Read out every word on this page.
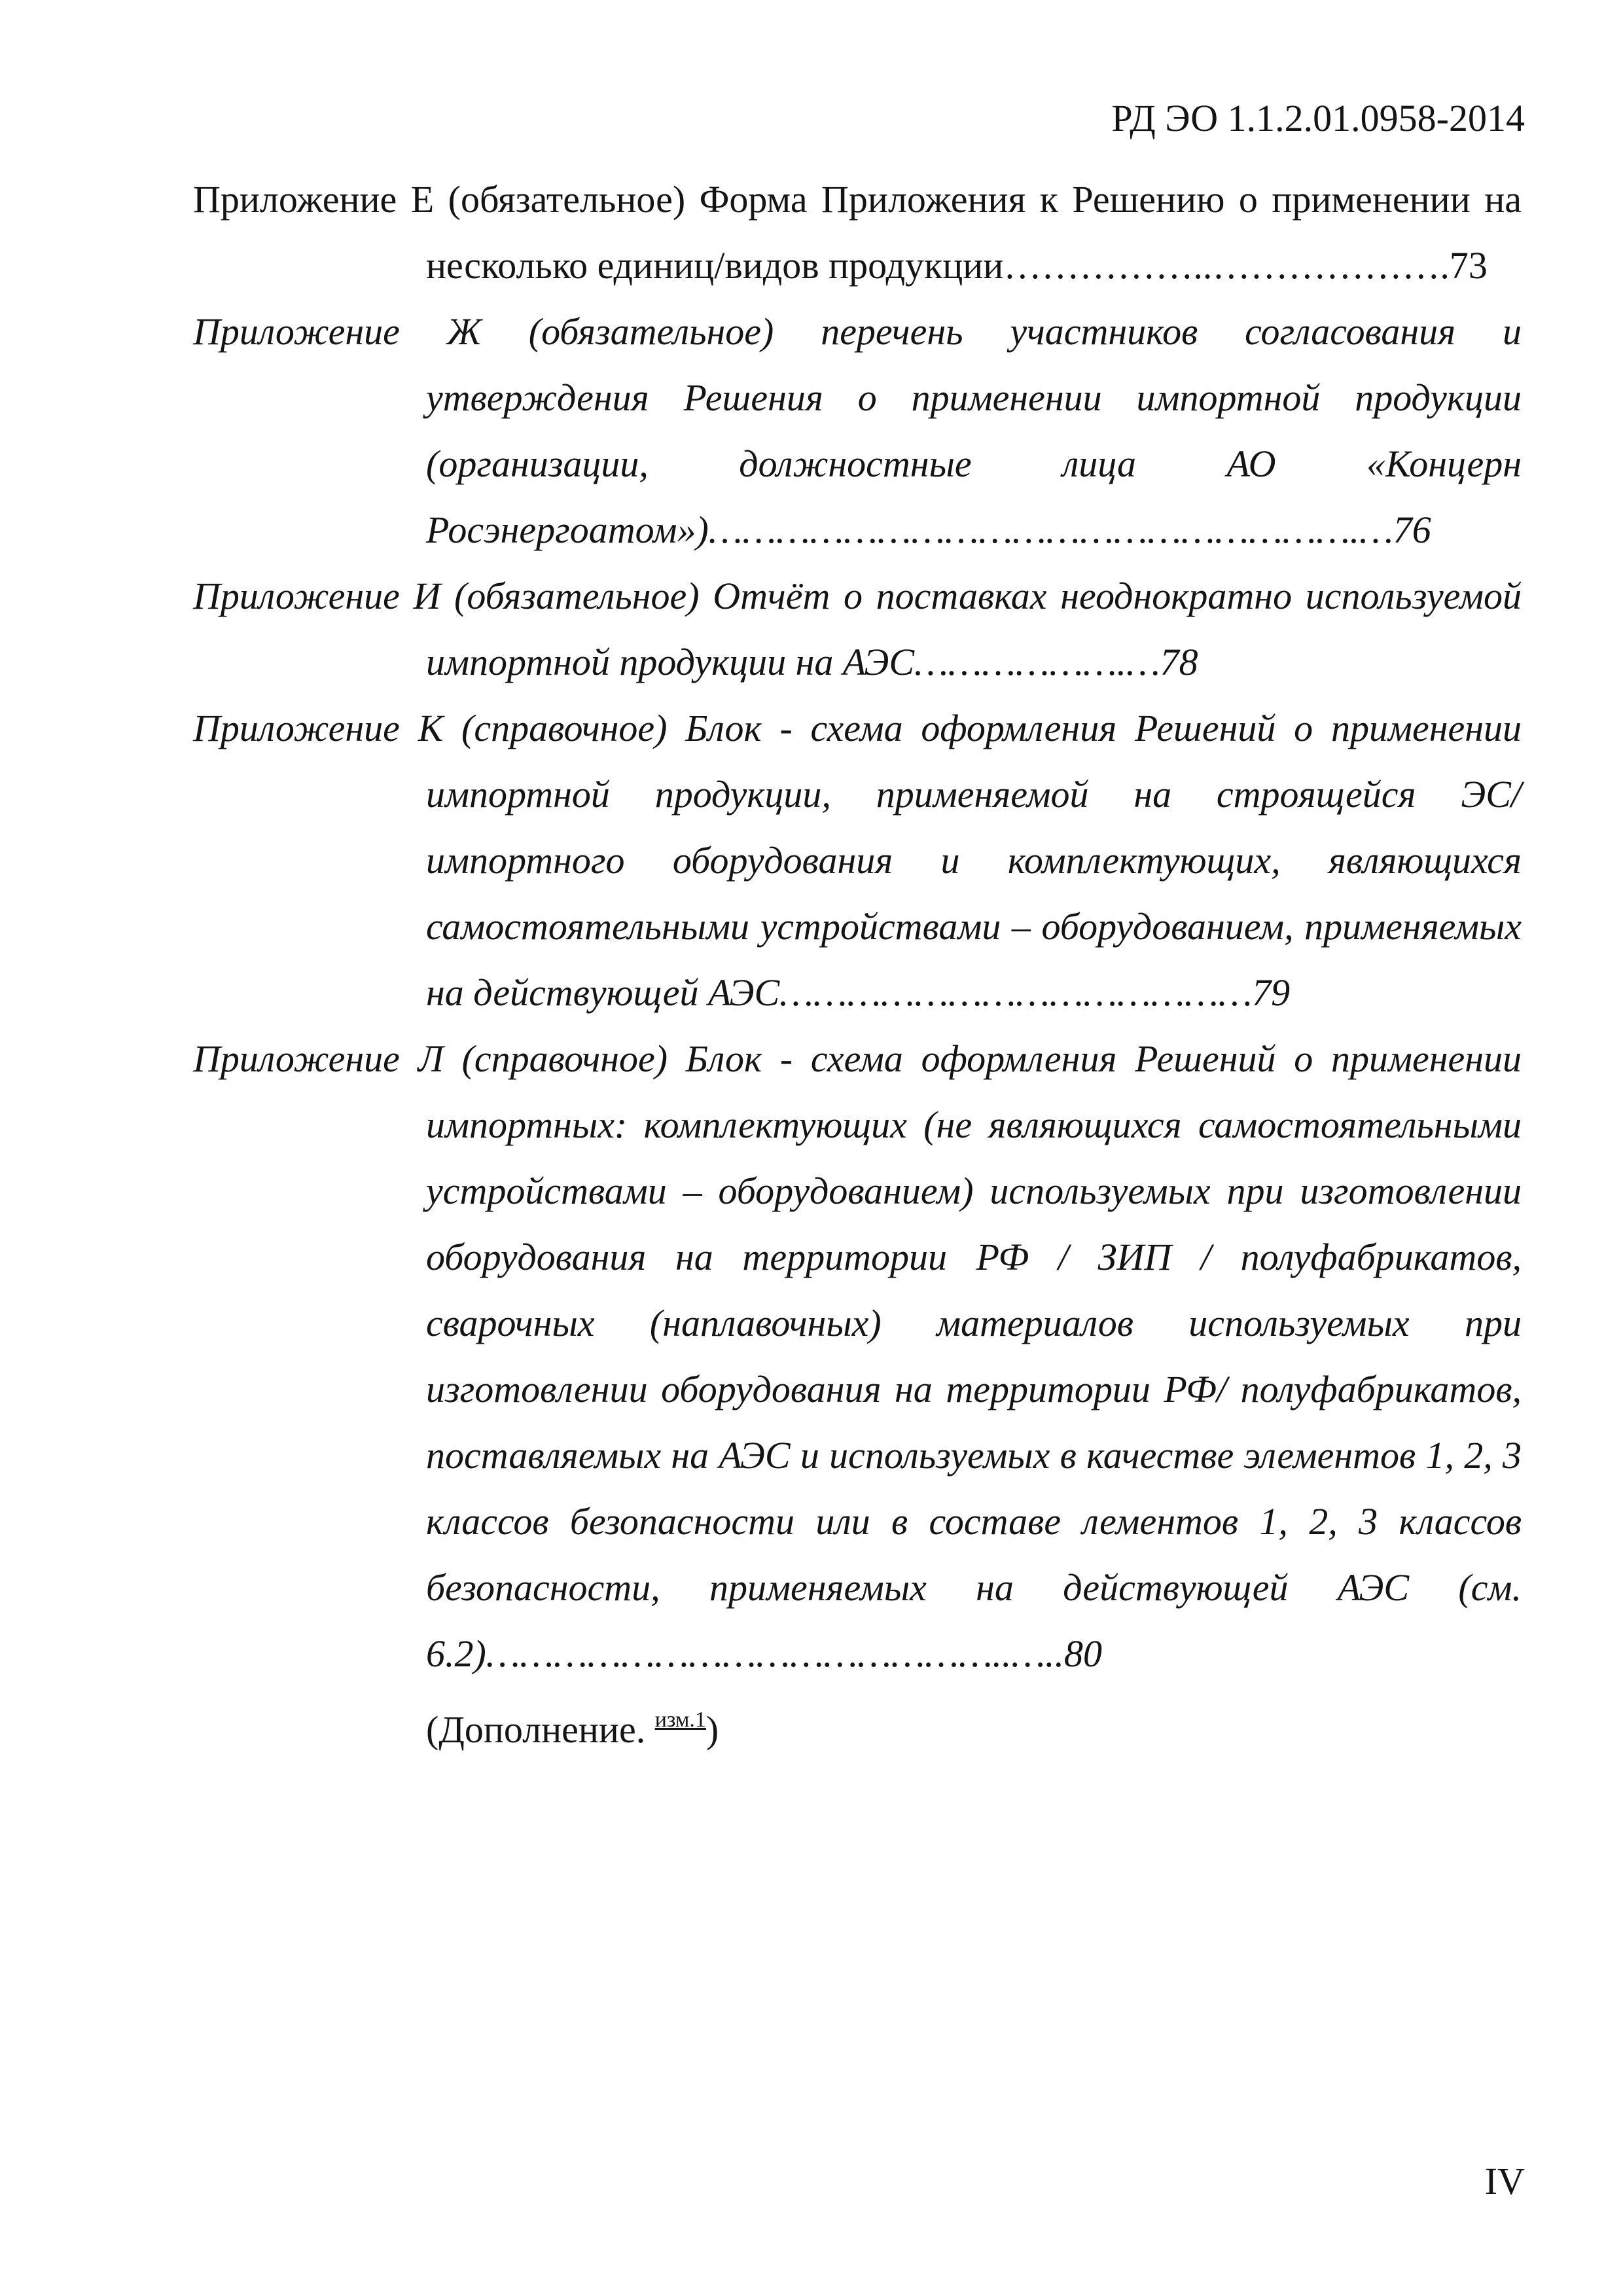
РД ЭО 1.1.2.01.0958-2014

Приложение Е (обязательное) Форма Приложения к Решению о применении на несколько единиц/видов продукции……………..……………….73

Приложение Ж (обязательное) перечень участников согласования и утверждения Решения о применении импортной продукции (организации, должностные лица АО «Концерн Росэнергоатом»)………………………………………………….…76

Приложение И (обязательное) Отчёт о поставках неоднократно используемой импортной продукции на АЭС……………….…78

Приложение К (справочное) Блок - схема оформления Решений о применении импортной продукции, применяемой на строящейся ЭС/импортного оборудования и комплектующих, являющихся самостоятельными устройствами – оборудованием, применяемых на действующей АЭС……………………………………79

Приложение Л (справочное) Блок - схема оформления Решений о применении импортных: комплектующих (не являющихся самостоятельными устройствами – оборудованием) используемых при изготовлении оборудования на территории РФ / ЗИП / полуфабрикатов, сварочных (наплавочных) материалов используемых при изготовлении оборудования на территории РФ/ полуфабрикатов, поставляемых на АЭС и используемых в качестве элементов 1, 2, 3 классов безопасности или в составе лементов 1, 2, 3 классов безопасности, применяемых на действующей АЭС (см. 6.2)………………………………………..…..80
(Дополнение. $^{изм.1}$)

IV
